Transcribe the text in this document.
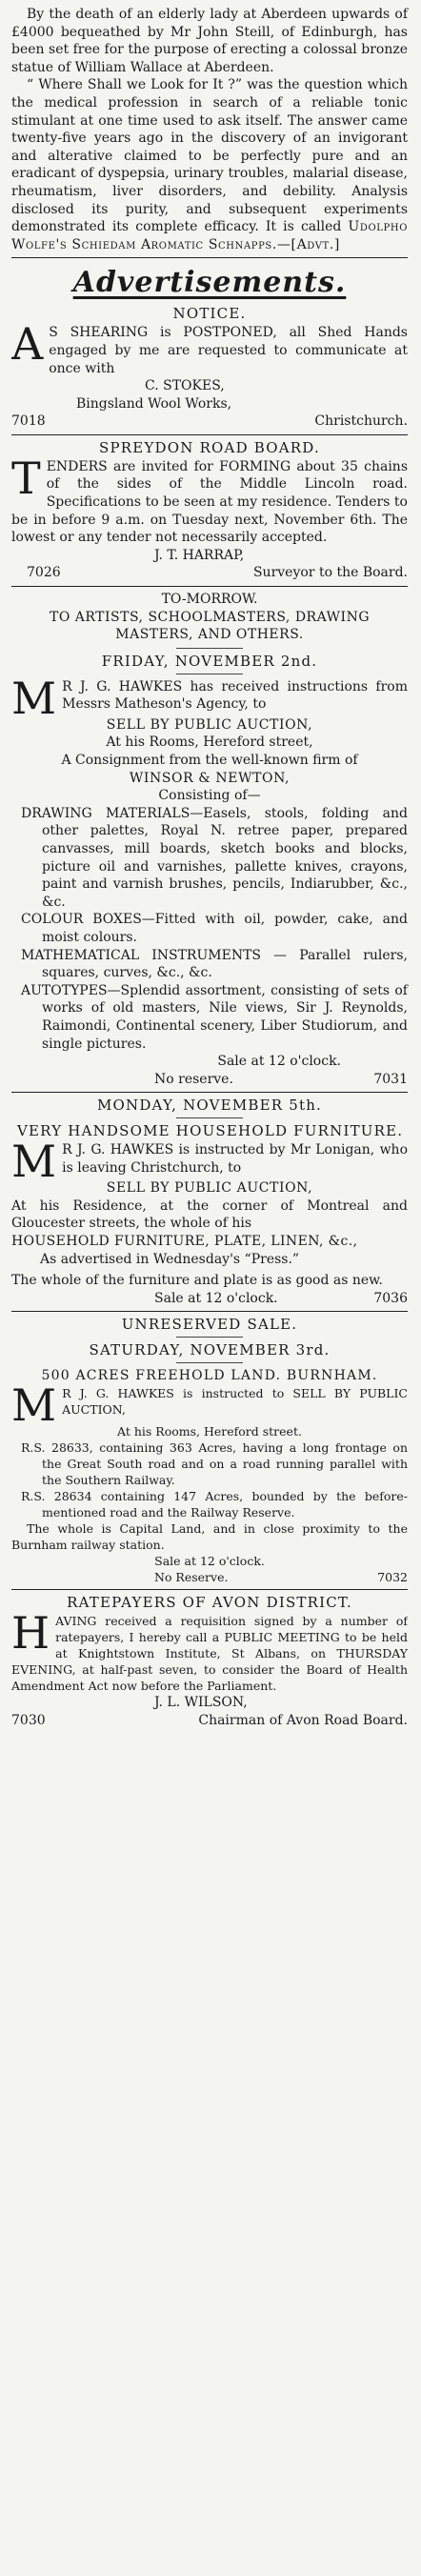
By the death of an elderly lady at Aberdeen upwards of £4000 bequeathed by Mr John Steill, of Edinburgh, has been set free for the purpose of erecting a colossal bronze statue of William Wallace at Aberdeen.

“ Where Shall we Look for It ?” was the question which the medical profession in search of a reliable tonic stimulant at one time used to ask itself. The answer came twenty-five years ago in the discovery of an invigorant and alterative claimed to be perfectly pure and an eradicant of dyspepsia, urinary troubles, malarial disease, rheumatism, liver disorders, and debility. Analysis disclosed its purity, and subsequent experiments demonstrated its complete efficacy. It is called Udolpho Wolfe's Schiedam Aromatic Schnapps.—[Advt.]

Advertisements.
NOTICE.
A S SHEARING is POSTPONED, all Shed Hands engaged by me are requested to communicate at once with

C. STOKES,

Bingsland Wool Works,

7018	Christchurch.
SPREYDON ROAD BOARD.
T ENDERS are invited for FORMING about 35 chains of the sides of the Middle Lincoln road. Specifications to be seen at my residence. Tenders to be in before 9 a.m. on Tuesday next, November 6th. The lowest or any tender not necessarily accepted.

J. T. HARRAP,

7026	Surveyor to the Board.

TO-MORROW.

TO ARTISTS, SCHOOLMASTERS, DRAWING MASTERS, AND OTHERS.

FRIDAY, NOVEMBER 2nd.

M R J. G. HAWKES has received instructions from Messrs Matheson's Agency, to

SELL BY PUBLIC AUCTION,

At his Rooms, Hereford street,

A Consignment from the well-known firm of

WINSOR & NEWTON,

Consisting of—

DRAWING MATERIALS—Easels, stools, folding and other palettes, Royal N. retree paper, prepared canvasses, mill boards, sketch books and blocks, picture oil and varnishes, pallette knives, crayons, paint and varnish brushes, pencils, Indiarubber, &c., &c.

COLOUR BOXES—Fitted with oil, powder, cake, and moist colours.

MATHEMATICAL INSTRUMENTS — Parallel rulers, squares, curves, &c., &c.

AUTOTYPES—Splendid assortment, consisting of sets of works of old masters, Nile views, Sir J. Reynolds, Raimondi, Continental scenery, Liber Studiorum, and single pictures.

Sale at 12 o'clock.

No reserve.	7031

MONDAY, NOVEMBER 5th.

VERY HANDSOME HOUSEHOLD FURNITURE.

M R J. G. HAWKES is instructed by Mr Lonigan, who is leaving Christchurch, to

SELL BY PUBLIC AUCTION,

At his Residence, at the corner of Montreal and Gloucester streets, the whole of his

HOUSEHOLD FURNITURE, PLATE, LINEN, &c.,

As advertised in Wednesday's “Press.”

The whole of the furniture and plate is as good as new.

Sale at 12 o'clock.	7036

UNRESERVED SALE.

SATURDAY, NOVEMBER 3rd.

500 ACRES FREEHOLD LAND. BURNHAM.

M R J. G. HAWKES is instructed to SELL BY PUBLIC AUCTION,

At his Rooms, Hereford street.

R.S. 28633, containing 363 Acres, having a long frontage on the Great South road and on a road running parallel with the Southern Railway.

R.S. 28634 containing 147 Acres, bounded by the before-mentioned road and the Railway Reserve.

The whole is Capital Land, and in close proximity to the Burnham railway station.

Sale at 12 o'clock.

No Reserve.	7032

RATEPAYERS OF AVON DISTRICT.

H AVING received a requisition signed by a number of ratepayers, I hereby call a PUBLIC MEETING to be held at Knightstown Institute, St Albans, on THURSDAY EVENING, at half-past seven, to consider the Board of Health Amendment Act now before the Parliament.

J. L. WILSON,

7030	Chairman of Avon Road Board.
